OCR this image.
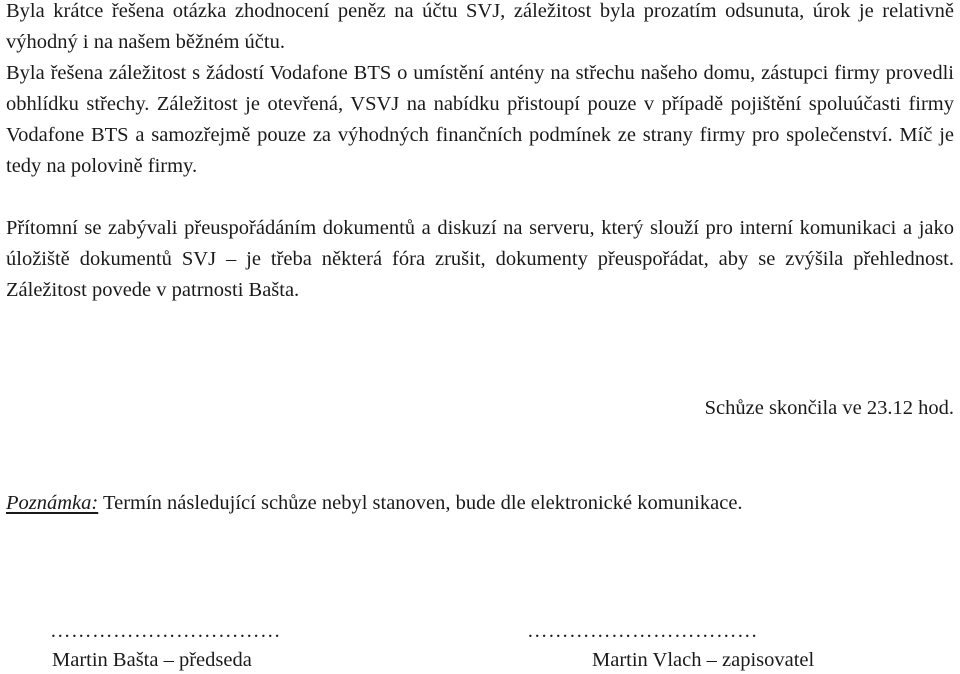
Byla krátce řešena otázka zhodnocení peněz na účtu SVJ, záležitost byla prozatím odsunuta, úrok je relativně výhodný i na našem běžném účtu.

Byla řešena záležitost s žádostí Vodafone BTS o umístění antény na střechu našeho domu, zástupci firmy provedli obhlídku střechy. Záležitost je otevřená, VSVJ na nabídku přistoupí pouze v případě pojištění spoluúčasti firmy Vodafone BTS a samozřejmě pouze za výhodných finančních podmínek ze strany firmy pro společenství. Míč je tedy na polovině firmy.

Přítomní se zabývali přeuspořádáním dokumentů a diskuzí na serveru, který slouží pro interní komunikaci a jako úložiště dokumentů SVJ – je třeba některá fóra zrušit, dokumenty přeuspořádat, aby se zvýšila přehlednost. Záležitost povede v patrnosti Bašta.

Schůze skončila ve 23.12 hod.

Poznámka: Termín následující schůze nebyl stanoven, bude dle elektronické komunikace.

……………………………	……………………………

Martin Bašta – předseda	Martin Vlach – zapisovatel
